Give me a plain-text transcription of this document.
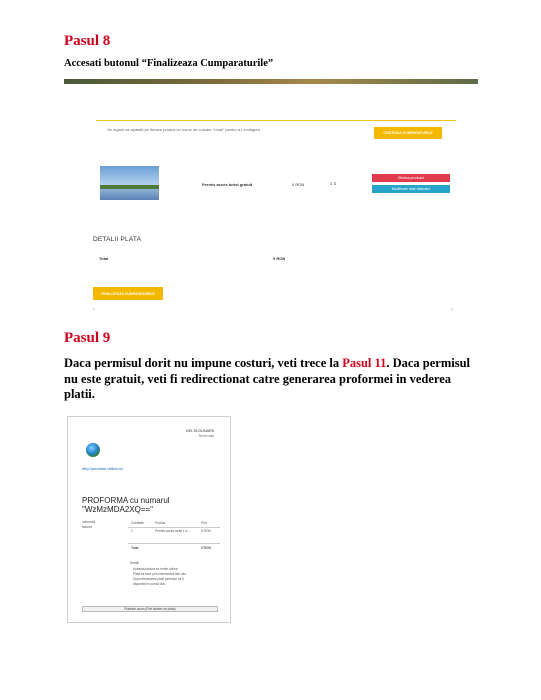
Pasul 8
Accesati butonul “Finalizeaza Cumparaturile”
Va rugam sa apasati pe fiecare produs cu nume de culoare "rosie" pentru a-l configura
CONTINUA CUMPARATURILE
Permis acces turist gratuit	0 RON	1 ⇕
Elimina produsul
Modificare date detinator
DETALII PLATA
Total	0 RON
FINALIZEAZA CUMPARATURILE
‹	›
Pasul 9
Daca permisul dorit nu impune costuri, veti trece la Pasul 11. Daca permisul nu este gratuit, veti fi redirectionat catre generarea proformei in vederea platii.
DELTA DUNARII
Rezervatia
http://permise.ddbra.ro/
PROFORMA cu numarul
"WzMzMDA2XQ=="
Informatii
factura
Cantitate	Produs	Pret
1	Permis acces turist 1 a...	5 RON
Total	5 RON
Detalii
Aceasta factura se emite online
Plata se face prin intermediul site-ului
Dupa efectuarea platii permisul va fi
disponibil in contul dvs.
Plateste acum (Prin sistem de plata)
